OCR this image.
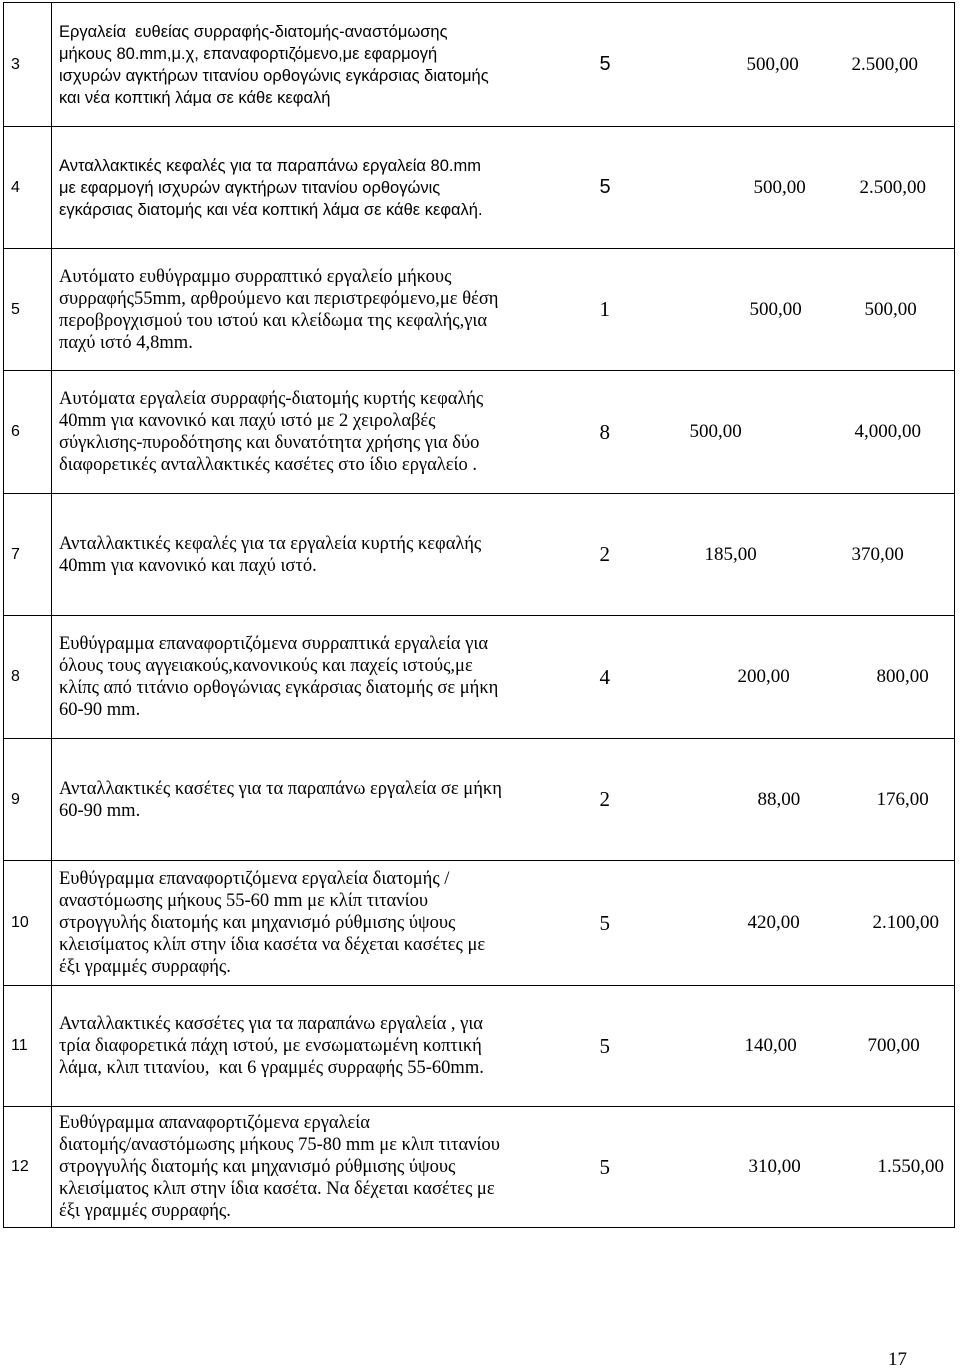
3
Εργαλεία  ευθείας συρραφής-διατομής-αναστόμωσης
μήκους 80.mm,μ.χ, επαναφορτιζόμενο,με εφαρμογή
ισχυρών αγκτήρων τιτανίου ορθογώνις εγκάρσιας διατομής
και νέα κοπτική λάμα σε κάθε κεφαλή
5	500,00	2.500,00
4
Ανταλλακτικές κεφαλές για τα παραπάνω εργαλεία 80.mm
με εφαρμογή ισχυρών αγκτήρων τιτανίου ορθογώνις
εγκάρσιας διατομής και νέα κοπτική λάμα σε κάθε κεφαλή.
5	500,00	2.500,00
5
Αυτόματο ευθύγραμμο συρραπτικό εργαλείο μήκους
συρραφής55mm, αρθρούμενο και περιστρεφόμενο,με θέση
περοβρογχισμού του ιστού και κλείδωμα της κεφαλής,για
παχύ ιστό 4,8mm.
1	500,00	500,00
6
Αυτόματα εργαλεία συρραφής-διατομής κυρτής κεφαλής
40mm για κανονικό και παχύ ιστό με 2 χειρολαβές
σύγκλισης-πυροδότησης και δυνατότητα χρήσης για δύο
διαφορετικές ανταλλακτικές κασέτες στο ίδιο εργαλείο .
8	500,00	4,000,00
7
Ανταλλακτικές κεφαλές για τα εργαλεία κυρτής κεφαλής
40mm για κανονικό και παχύ ιστό.	2	185,00	370,00
8
Ευθύγραμμα επαναφορτιζόμενα συρραπτικά εργαλεία για
όλους τους αγγειακούς,κανονικούς και παχείς ιστούς,με
κλίπς από τιτάνιο ορθογώνιας εγκάρσιας διατομής σε μήκη
60-90 mm.
4	200,00	800,00
9
Ανταλλακτικές κασέτες για τα παραπάνω εργαλεία σε μήκη
60-90 mm.	2	88,00	176,00
10
Ευθύγραμμα επαναφορτιζόμενα εργαλεία διατομής /
αναστόμωσης μήκους 55-60 mm με κλίπ τιτανίου
στρογγυλής διατομής και μηχανισμό ρύθμισης ύψους
κλεισίματος κλίπ στην ίδια κασέτα να δέχεται κασέτες με
έξι γραμμές συρραφής.
5	420,00	2.100,00
11
Ανταλλακτικές κασσέτες για τα παραπάνω εργαλεία , για
τρία διαφορετικά πάχη ιστού, με ενσωματωμένη κοπτική
λάμα, κλιπ τιτανίου,  και 6 γραμμές συρραφής 55-60mm.
5	140,00	700,00
12
Ευθύγραμμα απαναφορτιζόμενα εργαλεία
διατομής/αναστόμωσης μήκους 75-80 mm με κλιπ τιτανίου
στρογγυλής διατομής και μηχανισμό ρύθμισης ύψους
κλεισίματος κλιπ στην ίδια κασέτα. Να δέχεται κασέτες με
έξι γραμμές συρραφής.
5	310,00	1.550,00
17
